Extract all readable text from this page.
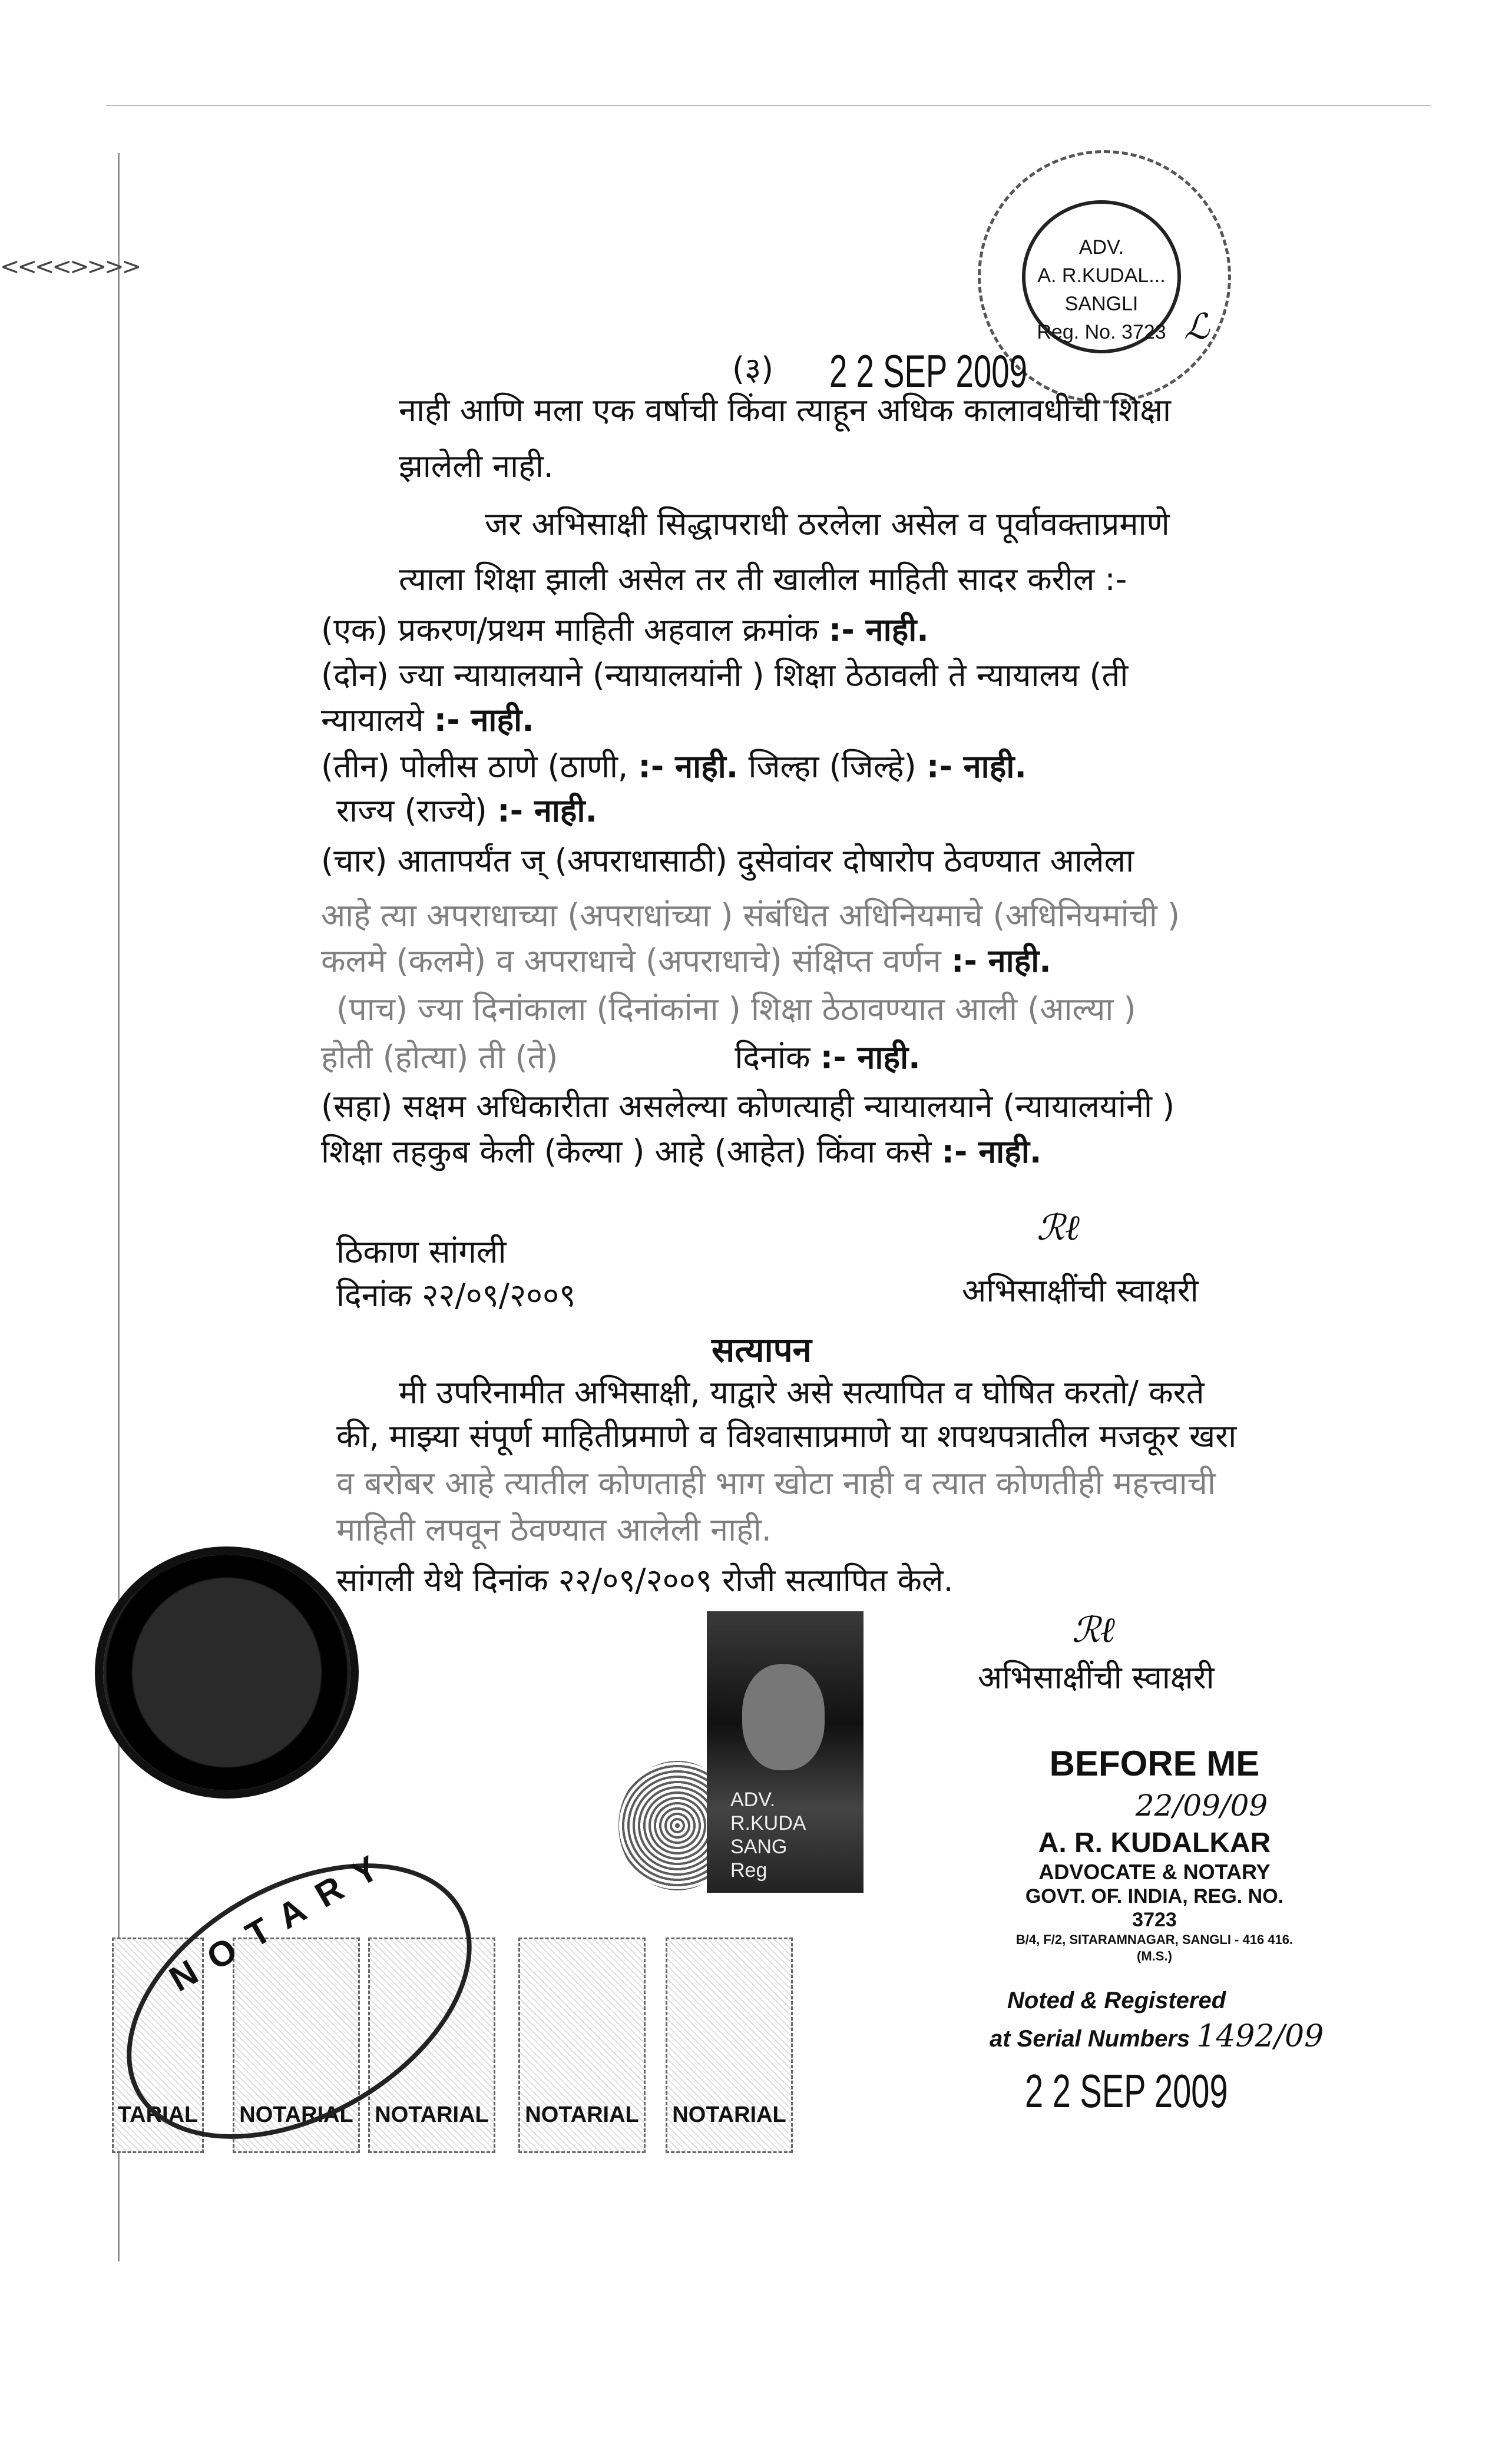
<<<<>>>>
ADV.
A. R.KUDAL...
SANGLI
Reg. No. 3723 ℒ
(३) 2 2 SEP 2009
नाही आणि मला एक वर्षाची किंवा त्याहून अधिक कालावधीची शिक्षा
झालेली नाही.
जर अभिसाक्षी सिद्धापराधी ठरलेला असेल व पूर्वावक्ताप्रमाणे
त्याला शिक्षा झाली असेल तर ती खालील माहिती सादर करील :-
(एक) प्रकरण/प्रथम माहिती अहवाल क्रमांक :- नाही.
(दोन) ज्या न्यायालयाने (न्यायालयांनी ) शिक्षा ठेठावली ते न्यायालय (ती
न्यायालये :- नाही.
(तीन) पोलीस ठाणे (ठाणी, :- नाही. जिल्हा (जिल्हे) :- नाही.
राज्य (राज्ये) :- नाही.
(चार) आतापर्यंत ज् (अपराधासाठी) दुसेवांवर दोषारोप ठेवण्यात आलेला
आहे त्या अपराधाच्या (अपराधांच्या ) संबंधित अधिनियमाचे (अधिनियमांची )
कलमे (कलमे) व अपराधाचे (अपराधाचे) संक्षिप्त वर्णन :- नाही.
(पाच) ज्या दिनांकाला (दिनांकांना ) शिक्षा ठेठावण्यात आली (आल्या )
होती (होत्या) ती (ते)	दिनांक :- नाही.
(सहा) सक्षम अधिकारीता असलेल्या कोणत्याही न्यायालयाने (न्यायालयांनी )
शिक्षा तहकुब केली (केल्या ) आहे (आहेत) किंवा कसे :- नाही.
ठिकाण सांगली
दिनांक २२/०९/२००९
ℛℓ
अभिसाक्षींची स्वाक्षरी
सत्यापन
मी उपरिनामीत अभिसाक्षी, याद्वारे असे सत्यापित व घोषित करतो/ करते
की, माझ्या संपूर्ण माहितीप्रमाणे व विश्वासाप्रमाणे या शपथपत्रातील मजकूर खरा
व बरोबर आहे त्यातील कोणताही भाग खोटा नाही व त्यात कोणतीही महत्त्वाची
माहिती लपवून ठेवण्यात आलेली नाही.
सांगली येथे दिनांक २२/०९/२००९ रोजी सत्यापित केले.
ℛℓ
अभिसाक्षींची स्वाक्षरी
ADV.
R.KUDA
SANG
Reg
BEFORE ME
22/09/09
A. R. KUDALKAR
ADVOCATE & NOTARY
GOVT. OF. INDIA, REG. NO. 3723
B/4, F/2, SITARAMNAGAR, SANGLI - 416 416. (M.S.)
Noted & Registered
at Serial Numbers 1492/09
2 2 SEP 2009
TARIAL NOTARIAL NOTARIAL NOTARIAL NOTARIAL
NOTARY
